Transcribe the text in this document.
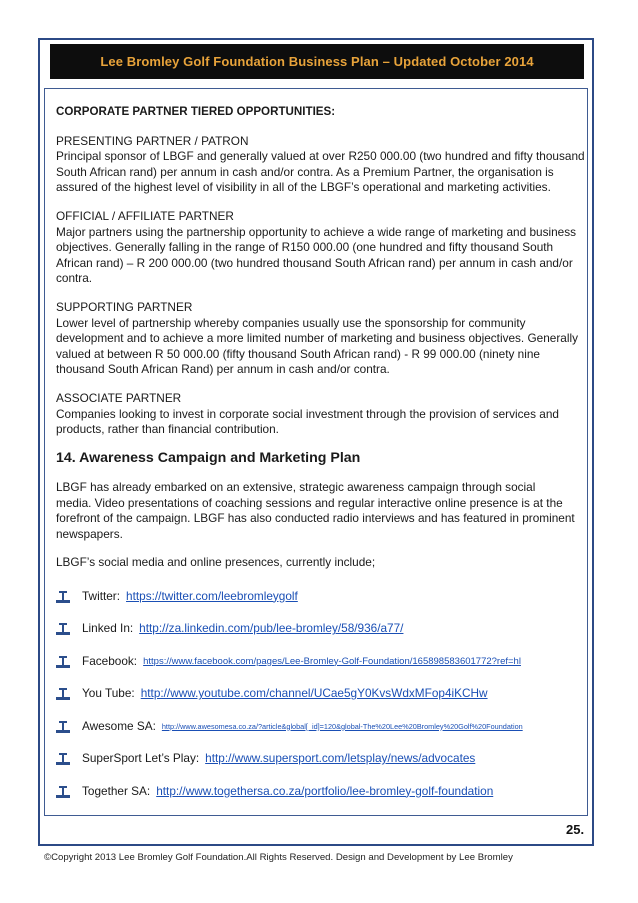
Lee Bromley Golf Foundation Business Plan – Updated October 2014
CORPORATE PARTNER TIERED OPPORTUNITIES:
PRESENTING PARTNER / PATRON
Principal sponsor of LBGF and generally valued at over R250 000.00 (two hundred and fifty thousand
South African rand) per annum in cash and/or contra. As a Premium Partner, the organisation is
assured of the highest level of visibility in all of the LBGF’s operational and marketing activities.
OFFICIAL / AFFILIATE PARTNER
Major partners using the partnership opportunity to achieve a wide range of marketing and business
objectives. Generally falling in the range of R150 000.00 (one hundred and fifty thousand South
African rand) – R 200 000.00 (two hundred thousand South African rand) per annum in cash and/or
contra.
SUPPORTING PARTNER
Lower level of partnership whereby companies usually use the sponsorship for community
development and to achieve a more limited number of marketing and business objectives. Generally
valued at between R 50 000.00 (fifty thousand South African rand) - R 99 000.00 (ninety nine
thousand South African Rand) per annum in cash and/or contra.
ASSOCIATE PARTNER
Companies looking to invest in corporate social investment through the provision of services and
products, rather than financial contribution.
14. Awareness Campaign and Marketing Plan
LBGF has already embarked on an extensive, strategic awareness campaign through social
media. Video presentations of coaching sessions and regular interactive online presence is at the
forefront of the campaign. LBGF has also conducted radio interviews and has featured in prominent
newspapers.
LBGF’s social media and online presences, currently include;
Twitter: https://twitter.com/leebromleygolf
Linked In: http://za.linkedin.com/pub/lee-bromley/58/936/a77/
Facebook: https://www.facebook.com/pages/Lee-Bromley-Golf-Foundation/165898583601772?ref=hl
You Tube: http://www.youtube.com/channel/UCae5gY0KvsWdxMFop4iKCHw
Awesome SA: http://www.awesomesa.co.za/?article&global[_id]=120&global-The%20Lee%20Bromley%20Golf%20Foundation
SuperSport Let’s Play: http://www.supersport.com/letsplay/news/advocates
Together SA: http://www.togethersa.co.za/portfolio/lee-bromley-golf-foundation
25.
©Copyright 2013 Lee Bromley Golf Foundation.All Rights Reserved. Design and Development by Lee Bromley
